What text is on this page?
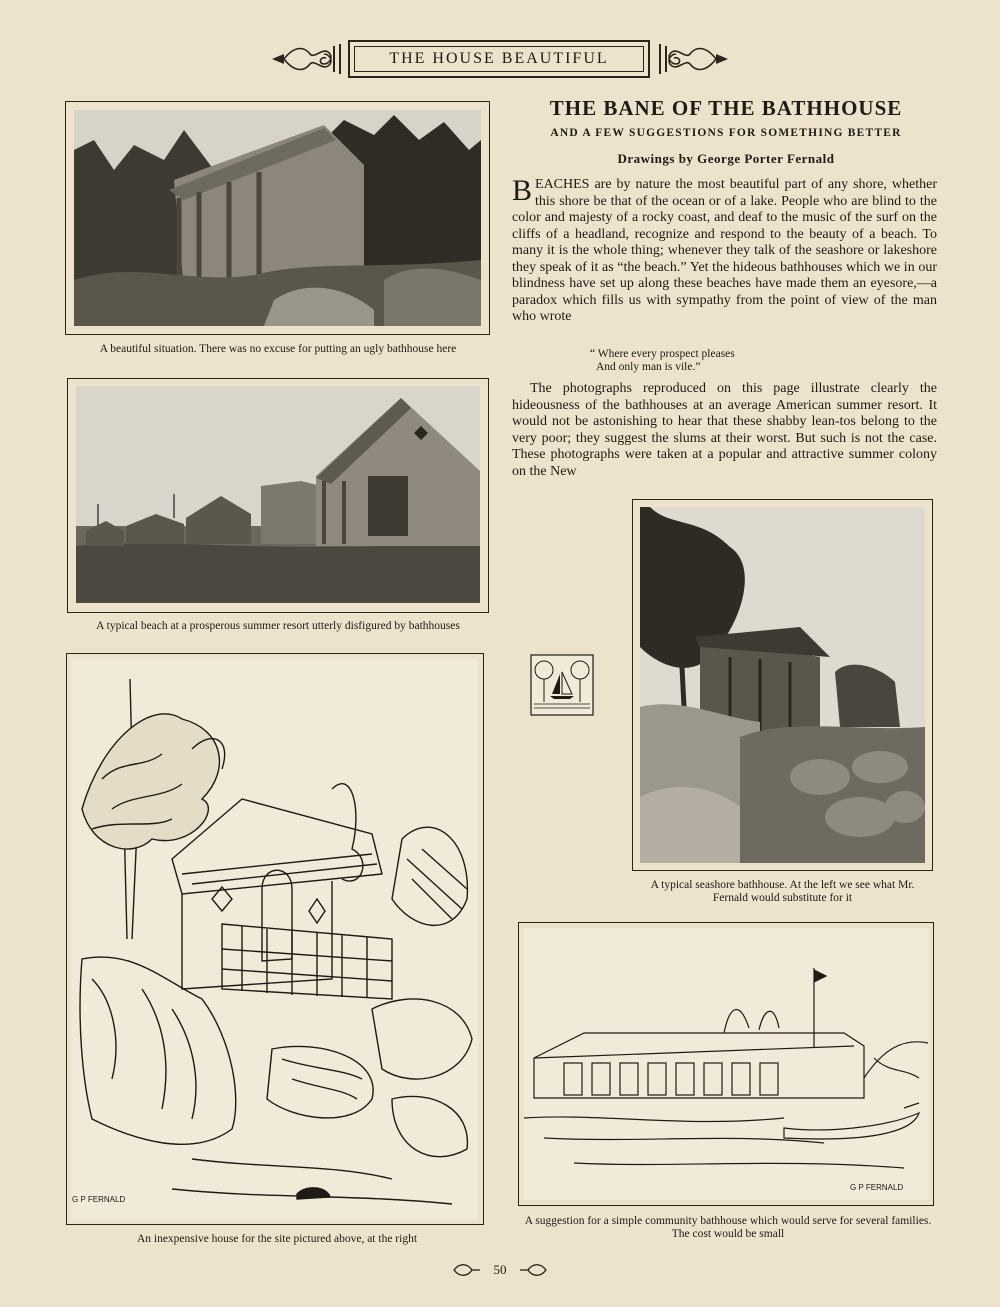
THE HOUSE BEAUTIFUL
A beautiful situation. There was no excuse for putting an ugly bathhouse here
A typical beach at a prosperous summer resort utterly disfigured by bathhouses
G P FERNALD
An inexpensive house for the site pictured above, at the right
THE BANE OF THE BATHHOUSE
AND A FEW SUGGESTIONS FOR SOMETHING BETTER
Drawings by George Porter Fernald

BEACHES are by nature the most beautiful part of any shore, whether this shore be that of the ocean or of a lake. People who are blind to the color and majesty of a rocky coast, and deaf to the music of the surf on the cliffs of a headland, recognize and respond to the beauty of a beach. To many it is the whole thing; whenever they talk of the seashore or lakeshore they speak of it as “the beach.” Yet the hideous bathhouses which we in our blindness have set up along these beaches have made them an eyesore,—a paradox which fills us with sympathy from the point of view of the man who wrote

“ Where every prospect pleases
And only man is vile.”

The photographs reproduced on this page illustrate clearly the hideousness of the bathhouses at an average American summer resort. It would not be astonishing to hear that these shabby lean-tos belong to the very poor; they suggest the slums at their worst. But such is not the case. These photographs were taken at a popular and attractive summer colony on the New

A typical seashore bathhouse. At the left we see what Mr. Fernald would substitute for it
G P FERNALD
A suggestion for a simple community bathhouse which would serve for several families. The cost would be small
50
